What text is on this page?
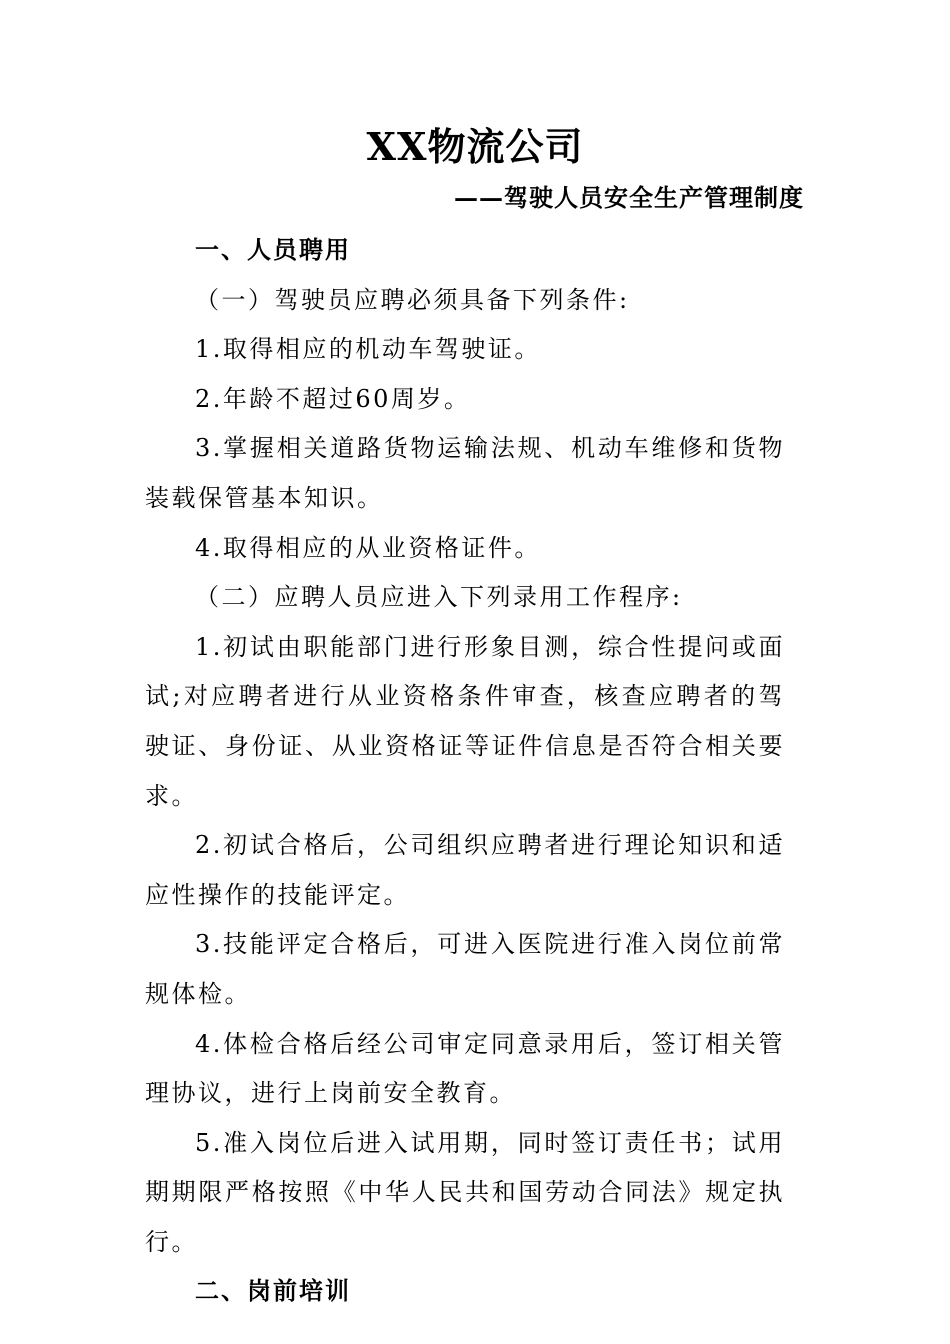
XX物流公司
——驾驶人员安全生产管理制度

一、人员聘用

（一）驾驶员应聘必须具备下列条件:

1.取得相应的机动车驾驶证。

2.年龄不超过60周岁。

3.掌握相关道路货物运输法规、机动车维修和货物装载保管基本知识。

4.取得相应的从业资格证件。

（二）应聘人员应进入下列录用工作程序:

1.初试由职能部门进行形象目测，综合性提问或面试;对应聘者进行从业资格条件审查，核查应聘者的驾驶证、身份证、从业资格证等证件信息是否符合相关要求。

2.初试合格后，公司组织应聘者进行理论知识和适应性操作的技能评定。

3.技能评定合格后，可进入医院进行准入岗位前常规体检。

4.体检合格后经公司审定同意录用后，签订相关管理协议，进行上岗前安全教育。

5.准入岗位后进入试用期，同时签订责任书；试用期期限严格按照《中华人民共和国劳动合同法》规定执行。

二、岗前培训
